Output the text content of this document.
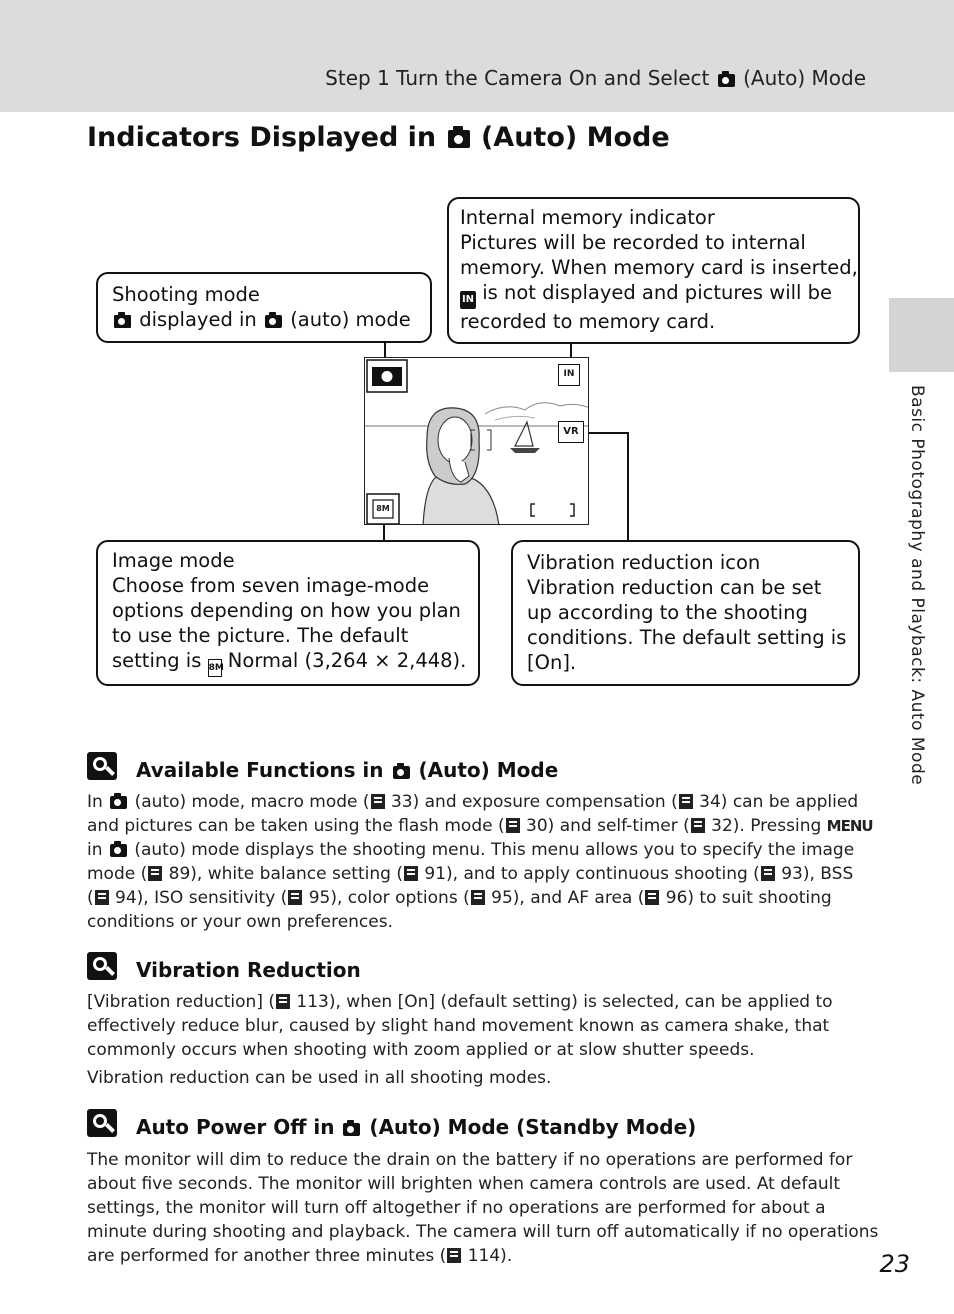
Step 1 Turn the Camera On and Select (Auto) Mode
Indicators Displayed in (Auto) Mode
Shooting mode
displayed in (auto) mode
Internal memory indicator
Pictures will be recorded to internal
memory. When memory card is inserted,
IN is not displayed and pictures will be
recorded to memory card.
Image mode
Choose from seven image-mode
options depending on how you plan
to use the picture. The default
setting is 8M Normal (3,264 × 2,448).
Vibration reduction icon
Vibration reduction can be set
up according to the shooting
conditions. The default setting is
[On].
IN
VR
8M
Available Functions in (Auto) Mode
In (auto) mode, macro mode ( 33) and exposure compensation ( 34) can be applied
and pictures can be taken using the flash mode ( 30) and self-timer ( 32). Pressing MENU
in (auto) mode displays the shooting menu. This menu allows you to specify the image
mode ( 89), white balance setting ( 91), and to apply continuous shooting ( 93), BSS
( 94), ISO sensitivity ( 95), color options ( 95), and AF area ( 96) to suit shooting
conditions or your own preferences.
Vibration Reduction
[Vibration reduction] ( 113), when [On] (default setting) is selected, can be applied to
effectively reduce blur, caused by slight hand movement known as camera shake, that
commonly occurs when shooting with zoom applied or at slow shutter speeds.
Vibration reduction can be used in all shooting modes.
Auto Power Off in (Auto) Mode (Standby Mode)
The monitor will dim to reduce the drain on the battery if no operations are performed for
about five seconds. The monitor will brighten when camera controls are used. At default
settings, the monitor will turn off altogether if no operations are performed for about a
minute during shooting and playback. The camera will turn off automatically if no operations
are performed for another three minutes ( 114).
Basic Photography and Playback: Auto Mode
23
